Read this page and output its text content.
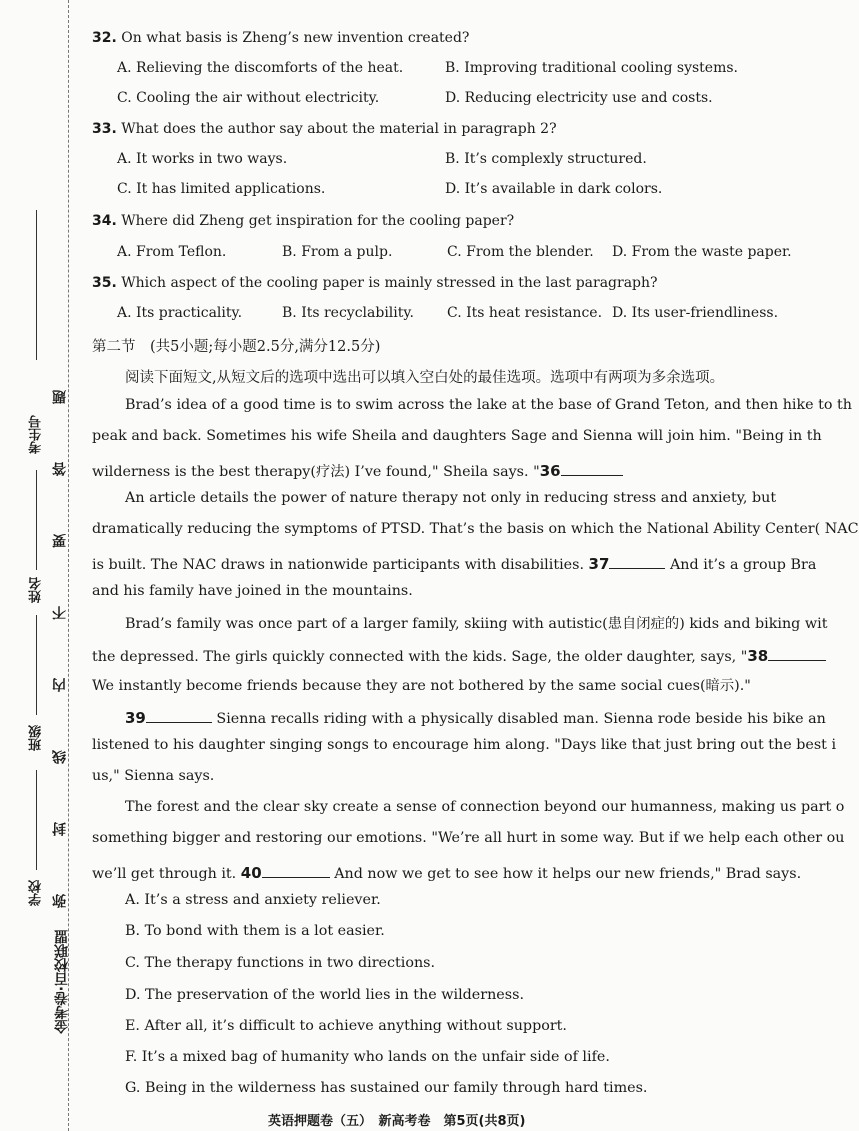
弥　封　线　内　不　要　答　题
考生号
姓名
班级
学校
金考卷·百校联盟
32. On what basis is Zheng’s new invention created?
A. Relieving the discomforts of the heat.	B. Improving traditional cooling systems.
C. Cooling the air without electricity.	D. Reducing electricity use and costs.
33. What does the author say about the material in paragraph 2?
A. It works in two ways.	B. It’s complexly structured.
C. It has limited applications.	D. It’s available in dark colors.
34. Where did Zheng get inspiration for the cooling paper?
A. From Teflon.	B. From a pulp.	C. From the blender. D. From the waste paper.
35. Which aspect of the cooling paper is mainly stressed in the last paragraph?
A. Its practicality.	B. Its recyclability. C. Its heat resistance. D. Its user-friendliness.
第二节　(共5小题;每小题2.5分,满分12.5分)
阅读下面短文,从短文后的选项中选出可以填入空白处的最佳选项。选项中有两项为多余选项。
Brad’s idea of a good time is to swim across the lake at the base of Grand Teton, and then hike to th
peak and back. Sometimes his wife Sheila and daughters Sage and Sienna will join him. "Being in th
wilderness is the best therapy(疗法) I’ve found," Sheila says. "36
An article details the power of nature therapy not only in reducing stress and anxiety, but
dramatically reducing the symptoms of PTSD. That’s the basis on which the National Ability Center( NAC
is built. The NAC draws in nationwide participants with disabilities. 37	And it’s a group Bra
and his family have joined in the mountains.
Brad’s family was once part of a larger family, skiing with autistic(患自闭症的) kids and biking wit
the depressed. The girls quickly connected with the kids. Sage, the older daughter, says, "38
We instantly become friends because they are not bothered by the same social cues(暗示)."
39	Sienna recalls riding with a physically disabled man. Sienna rode beside his bike an
listened to his daughter singing songs to encourage him along. "Days like that just bring out the best i
us," Sienna says.
The forest and the clear sky create a sense of connection beyond our humanness, making us part o
something bigger and restoring our emotions. "We’re all hurt in some way. But if we help each other ou
we’ll get through it. 40	And now we get to see how it helps our new friends," Brad says.
A. It’s a stress and anxiety reliever.
B. To bond with them is a lot easier.
C. The therapy functions in two directions.
D. The preservation of the world lies in the wilderness.
E. After all, it’s difficult to achieve anything without support.
F. It’s a mixed bag of humanity who lands on the unfair side of life.
G. Being in the wilderness has sustained our family through hard times.
英语押题卷（五）　新高考卷　第5页(共8页)
